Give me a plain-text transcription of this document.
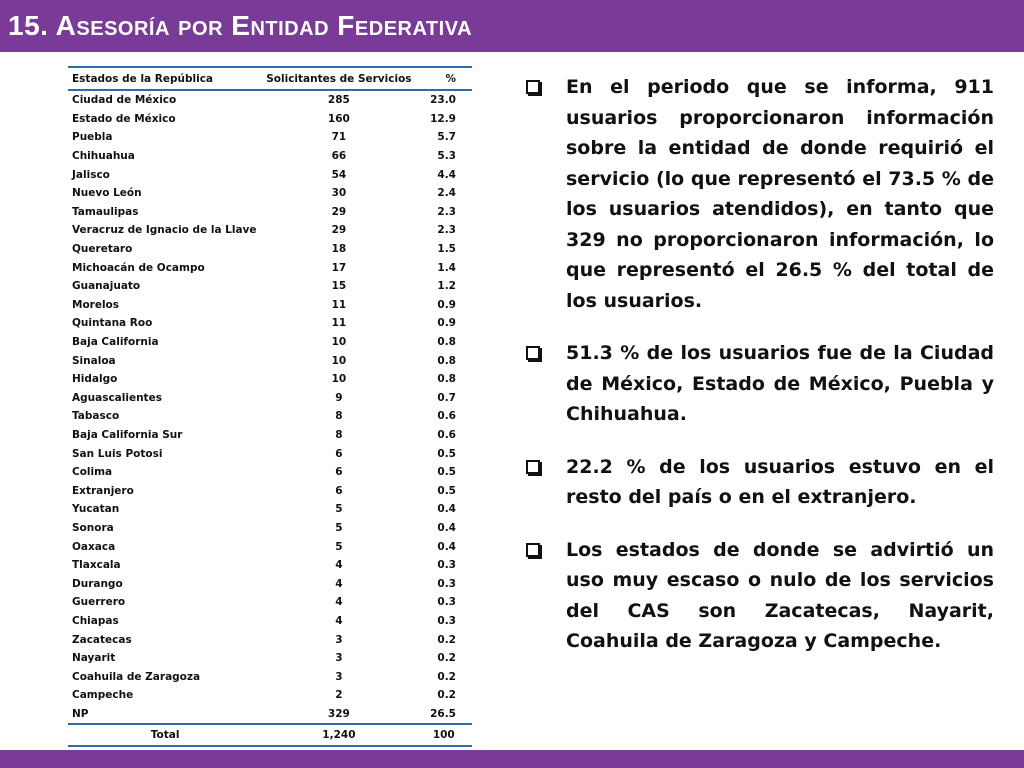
15. Asesoría por Entidad Federativa
Estados de la República	Solicitantes de Servicios	%
Ciudad de México	285	23.0
Estado de México	160	12.9
Puebla	71	5.7
Chihuahua	66	5.3
Jalisco	54	4.4
Nuevo León	30	2.4
Tamaulipas	29	2.3
Veracruz de Ignacio de la Llave	29	2.3
Queretaro	18	1.5
Michoacán de Ocampo	17	1.4
Guanajuato	15	1.2
Morelos	11	0.9
Quintana Roo	11	0.9
Baja California	10	0.8
Sinaloa	10	0.8
Hidalgo	10	0.8
Aguascalientes	9	0.7
Tabasco	8	0.6
Baja California Sur	8	0.6
San Luis Potosi	6	0.5
Colima	6	0.5
Extranjero	6	0.5
Yucatan	5	0.4
Sonora	5	0.4
Oaxaca	5	0.4
Tlaxcala	4	0.3
Durango	4	0.3
Guerrero	4	0.3
Chiapas	4	0.3
Zacatecas	3	0.2
Nayarit	3	0.2
Coahuila de Zaragoza	3	0.2
Campeche	2	0.2
NP	329	26.5
Total	1,240	100
En el periodo que se informa, 911 usuarios proporcionaron información sobre la entidad de donde requirió el servicio (lo que representó el 73.5 % de los usuarios atendidos), en tanto que 329 no proporcionaron información, lo que representó el 26.5 % del total de los usuarios.
51.3 % de los usuarios fue de la Ciudad de México, Estado de México, Puebla y Chihuahua.
22.2 % de los usuarios estuvo en el resto del país o en el extranjero.
Los estados de donde se advirtió un uso muy escaso o nulo de los servicios del CAS son Zacatecas, Nayarit, Coahuila de Zaragoza y Campeche.
